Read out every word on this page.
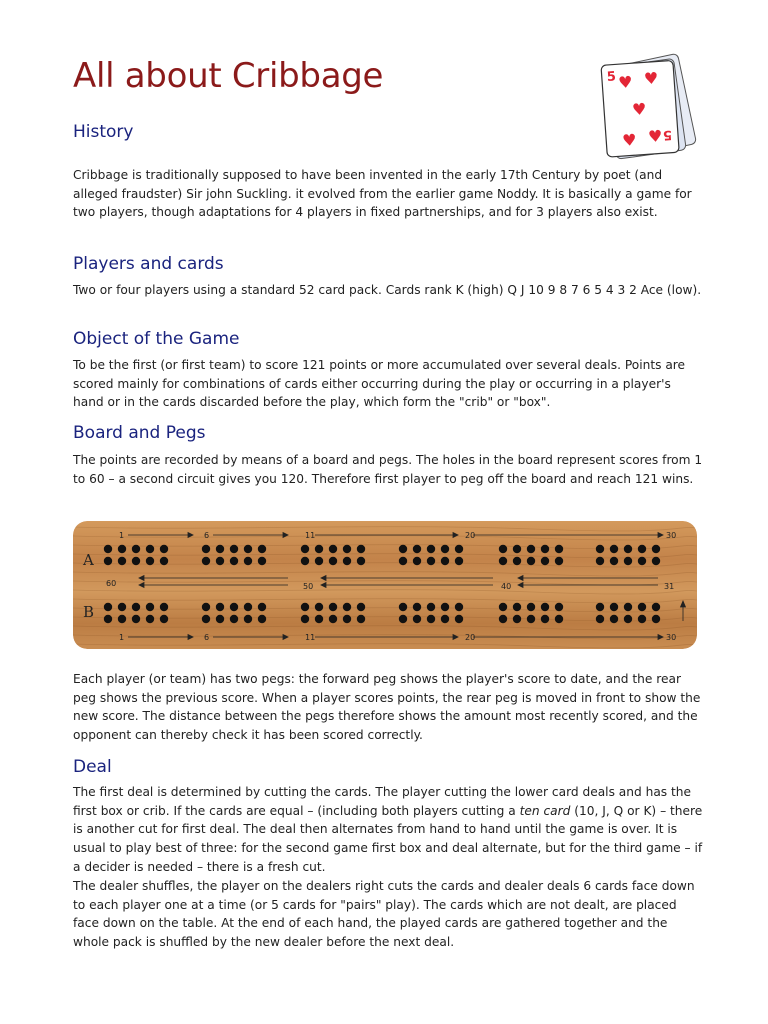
All about Cribbage	5 ♥ ♥
♥
♥ ♥ 5
History

Cribbage is traditionally supposed to have been invented in the early 17th Century by poet (and alleged fraudster) Sir john Suckling. it evolved from the earlier game Noddy. It is basically a game for two players, though adaptations for 4 players in fixed partnerships, and for 3 players also exist.

Players and cards

Two or four players using a standard 52 card pack. Cards rank K (high) Q J 10 9 8 7 6 5 4 3 2 Ace (low).

Object of the Game

To be the first (or first team) to score 121 points or more accumulated over several deals. Points are scored mainly for combinations of cards either occurring during the play or occurring in a player's hand or in the cards discarded before the play, which form the "crib" or "box".

Board and Pegs

The points are recorded by means of a board and pegs. The holes in the board represent scores from 1 to 60 – a second circuit gives you 120. Therefore first player to peg off the board and reach 121 wins.

A
B
1	6	11	20	30
60	50	40	31
1	6	11	20	30

Each player (or team) has two pegs: the forward peg shows the player's score to date, and the rear peg shows the previous score. When a player scores points, the rear peg is moved in front to show the new score. The distance between the pegs therefore shows the amount most recently scored, and the opponent can thereby check it has been scored correctly.

Deal

The first deal is determined by cutting the cards. The player cutting the lower card deals and has the first box or crib. If the cards are equal – (including both players cutting a ten card (10, J, Q or K) – there is another cut for first deal. The deal then alternates from hand to hand until the game is over. It is usual to play best of three: for the second game first box and deal alternate, but for the third game – if a decider is needed – there is a fresh cut.

The dealer shuffles, the player on the dealers right cuts the cards and dealer deals 6 cards face down to each player one at a time (or 5 cards for "pairs" play). The cards which are not dealt, are placed face down on the table. At the end of each hand, the played cards are gathered together and the whole pack is shuffled by the new dealer before the next deal.
